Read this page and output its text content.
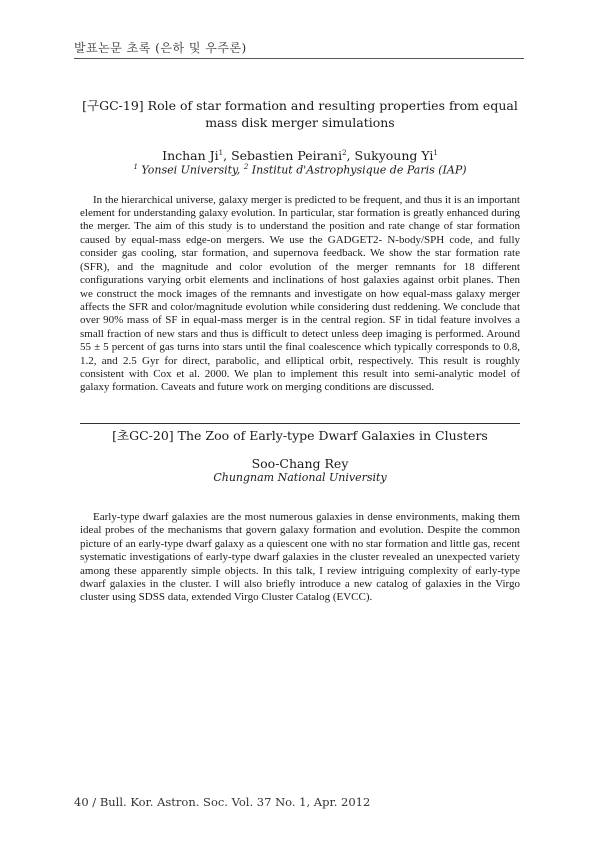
발표논문 초록 (은하 및 우주론)

[구GC-19] Role of star formation and resulting properties from equal
mass disk merger simulations

Inchan Ji$^1$, Sebastien Peirani$^2$, Sukyoung Yi$^1$

$^1$ Yonsei University, $^2$ Institut d'Astrophysique de Paris (IAP)

In the hierarchical universe, galaxy merger is predicted to be frequent, and thus it is an important element for understanding galaxy evolution. In particular, star formation is greatly enhanced during the merger. The aim of this study is to understand the position and rate change of star formation caused by equal-mass edge-on mergers. We use the GADGET2- N-body/SPH code, and fully consider gas cooling, star formation, and supernova feedback. We show the star formation rate (SFR), and the magnitude and color evolution of the merger remnants for 18 different configurations varying orbit elements and inclinations of host galaxies against orbit planes. Then we construct the mock images of the remnants and investigate on how equal-mass galaxy merger affects the SFR and color/magnitude evolution while considering dust reddening. We conclude that over 90% mass of SF in equal-mass merger is in the central region. SF in tidal feature involves a small fraction of new stars and thus is difficult to detect unless deep imaging is performed. Around 55 ± 5 percent of gas turns into stars until the final coalescence which typically corresponds to 0.8, 1.2, and 2.5 Gyr for direct, parabolic, and elliptical orbit, respectively. This result is roughly consistent with Cox et al. 2000. We plan to implement this result into semi-analytic model of galaxy formation. Caveats and future work on merging conditions are discussed.

[초GC-20] The Zoo of Early-type Dwarf Galaxies in Clusters

Soo-Chang Rey

Chungnam National University

Early-type dwarf galaxies are the most numerous galaxies in dense environments, making them ideal probes of the mechanisms that govern galaxy formation and evolution. Despite the common picture of an early-type dwarf galaxy as a quiescent one with no star formation and little gas, recent systematic investigations of early-type dwarf galaxies in the cluster revealed an unexpected variety among these apparently simple objects. In this talk, I review intriguing complexity of early-type dwarf galaxies in the cluster. I will also briefly introduce a new catalog of galaxies in the Virgo cluster using SDSS data, extended Virgo Cluster Catalog (EVCC).

40 / Bull. Kor. Astron. Soc. Vol. 37 No. 1, Apr. 2012
